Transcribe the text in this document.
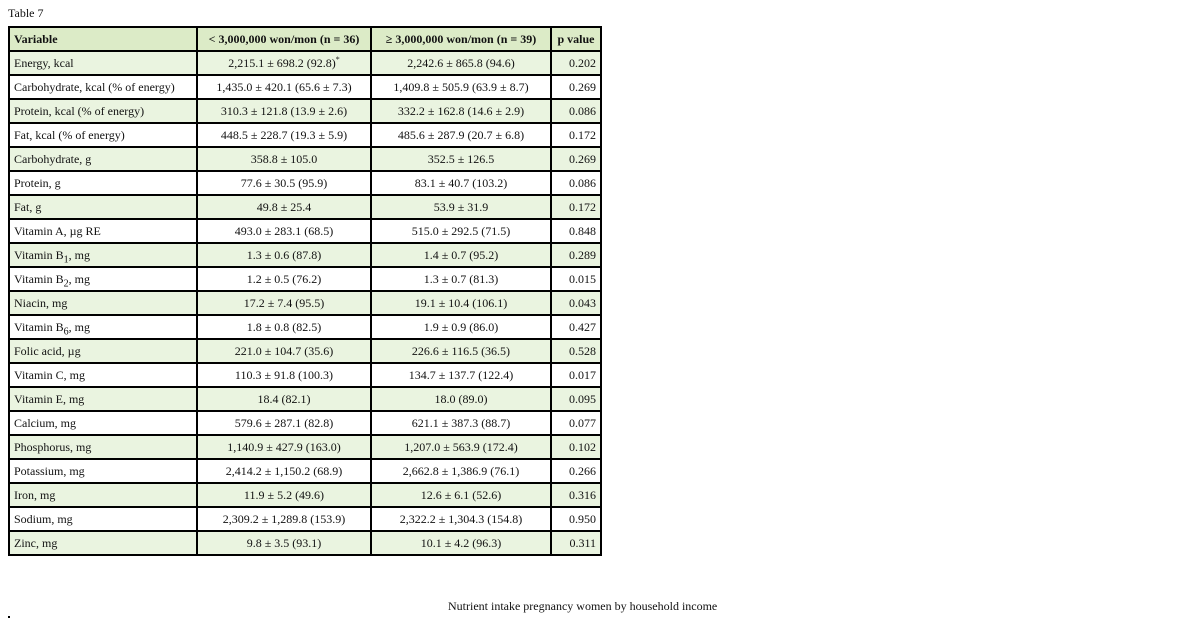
Table 7
Variable	< 3,000,000 won/mon (n = 36)	≥ 3,000,000 won/mon (n = 39)	p value
Energy, kcal	2,215.1 ± 698.2 (92.8)*	2,242.6 ± 865.8 (94.6)	0.202
Carbohydrate, kcal (% of energy)	1,435.0 ± 420.1 (65.6 ± 7.3)	1,409.8 ± 505.9 (63.9 ± 8.7)	0.269
Protein, kcal (% of energy)	310.3 ± 121.8 (13.9 ± 2.6)	332.2 ± 162.8 (14.6 ± 2.9)	0.086
Fat, kcal (% of energy)	448.5 ± 228.7 (19.3 ± 5.9)	485.6 ± 287.9 (20.7 ± 6.8)	0.172
Carbohydrate, g	358.8 ± 105.0	352.5 ± 126.5	0.269
Protein, g	77.6 ± 30.5 (95.9)	83.1 ± 40.7 (103.2)	0.086
Fat, g	49.8 ± 25.4	53.9 ± 31.9	0.172
Vitamin A, µg RE	493.0 ± 283.1 (68.5)	515.0 ± 292.5 (71.5)	0.848
Vitamin $B_1$, mg	1.3 ± 0.6 (87.8)	1.4 ± 0.7 (95.2)	0.289
Vitamin $B_2$, mg	1.2 ± 0.5 (76.2)	1.3 ± 0.7 (81.3)	0.015
Niacin, mg	17.2 ± 7.4 (95.5)	19.1 ± 10.4 (106.1)	0.043
Vitamin $B_6$, mg	1.8 ± 0.8 (82.5)	1.9 ± 0.9 (86.0)	0.427
Folic acid, µg	221.0 ± 104.7 (35.6)	226.6 ± 116.5 (36.5)	0.528
Vitamin C, mg	110.3 ± 91.8 (100.3)	134.7 ± 137.7 (122.4)	0.017
Vitamin E, mg	18.4 (82.1)	18.0 (89.0)	0.095
Calcium, mg	579.6 ± 287.1 (82.8)	621.1 ± 387.3 (88.7)	0.077
Phosphorus, mg	1,140.9 ± 427.9 (163.0)	1,207.0 ± 563.9 (172.4)	0.102
Potassium, mg	2,414.2 ± 1,150.2 (68.9)	2,662.8 ± 1,386.9 (76.1)	0.266
Iron, mg	11.9 ± 5.2 (49.6)	12.6 ± 6.1 (52.6)	0.316
Sodium, mg	2,309.2 ± 1,289.8 (153.9)	2,322.2 ± 1,304.3 (154.8)	0.950
Zinc, mg	9.8 ± 3.5 (93.1)	10.1 ± 4.2 (96.3)	0.311
Nutrient intake pregnancy women by household income
